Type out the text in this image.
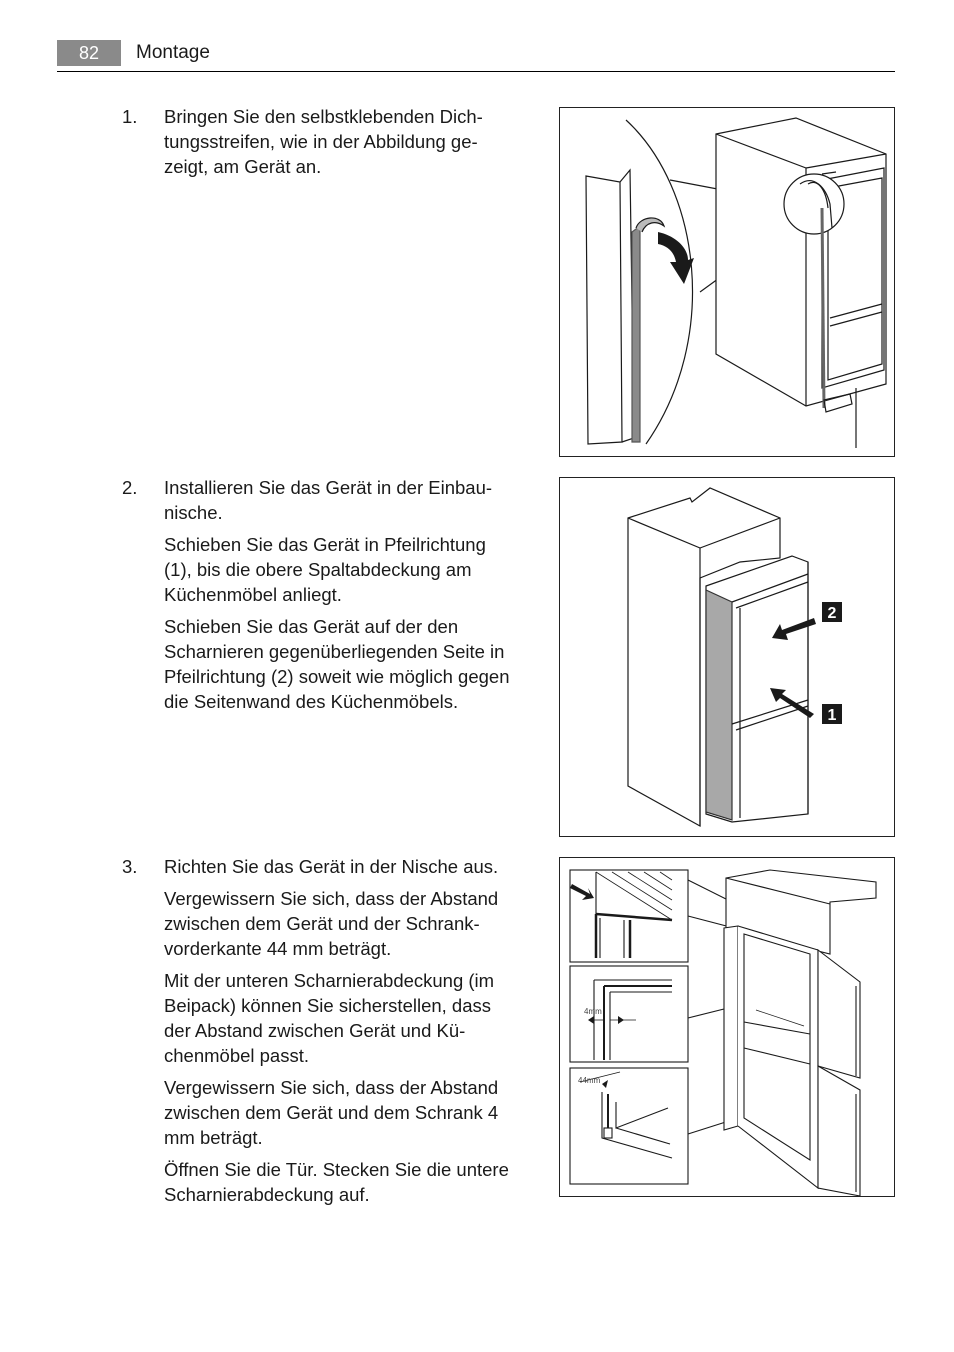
82	Montage
1. Bringen Sie den selbstklebenden Dichtungsstreifen, wie in der Abbildung gezeigt, am Gerät an.

2. Installieren Sie das Gerät in der Einbaunische.

Schieben Sie das Gerät in Pfeilrichtung (1), bis die obere Spaltabdeckung am Küchenmöbel anliegt.

Schieben Sie das Gerät auf der den Scharnieren gegenüberliegenden Seite in Pfeilrichtung (2) soweit wie möglich gegen die Seitenwand des Küchenmöbels.

3. Richten Sie das Gerät in der Nische aus.

Vergewissern Sie sich, dass der Abstand zwischen dem Gerät und der Schrankvorderkante 44 mm beträgt.

Mit der unteren Scharnierabdeckung (im Beipack) können Sie sicherstellen, dass der Abstand zwischen Gerät und Küchenmöbel passt.

Vergewissern Sie sich, dass der Abstand zwischen dem Gerät und dem Schrank 4 mm beträgt.

Öffnen Sie die Tür. Stecken Sie die untere Scharnierabdeckung auf.

2
1
4mm
44mm
